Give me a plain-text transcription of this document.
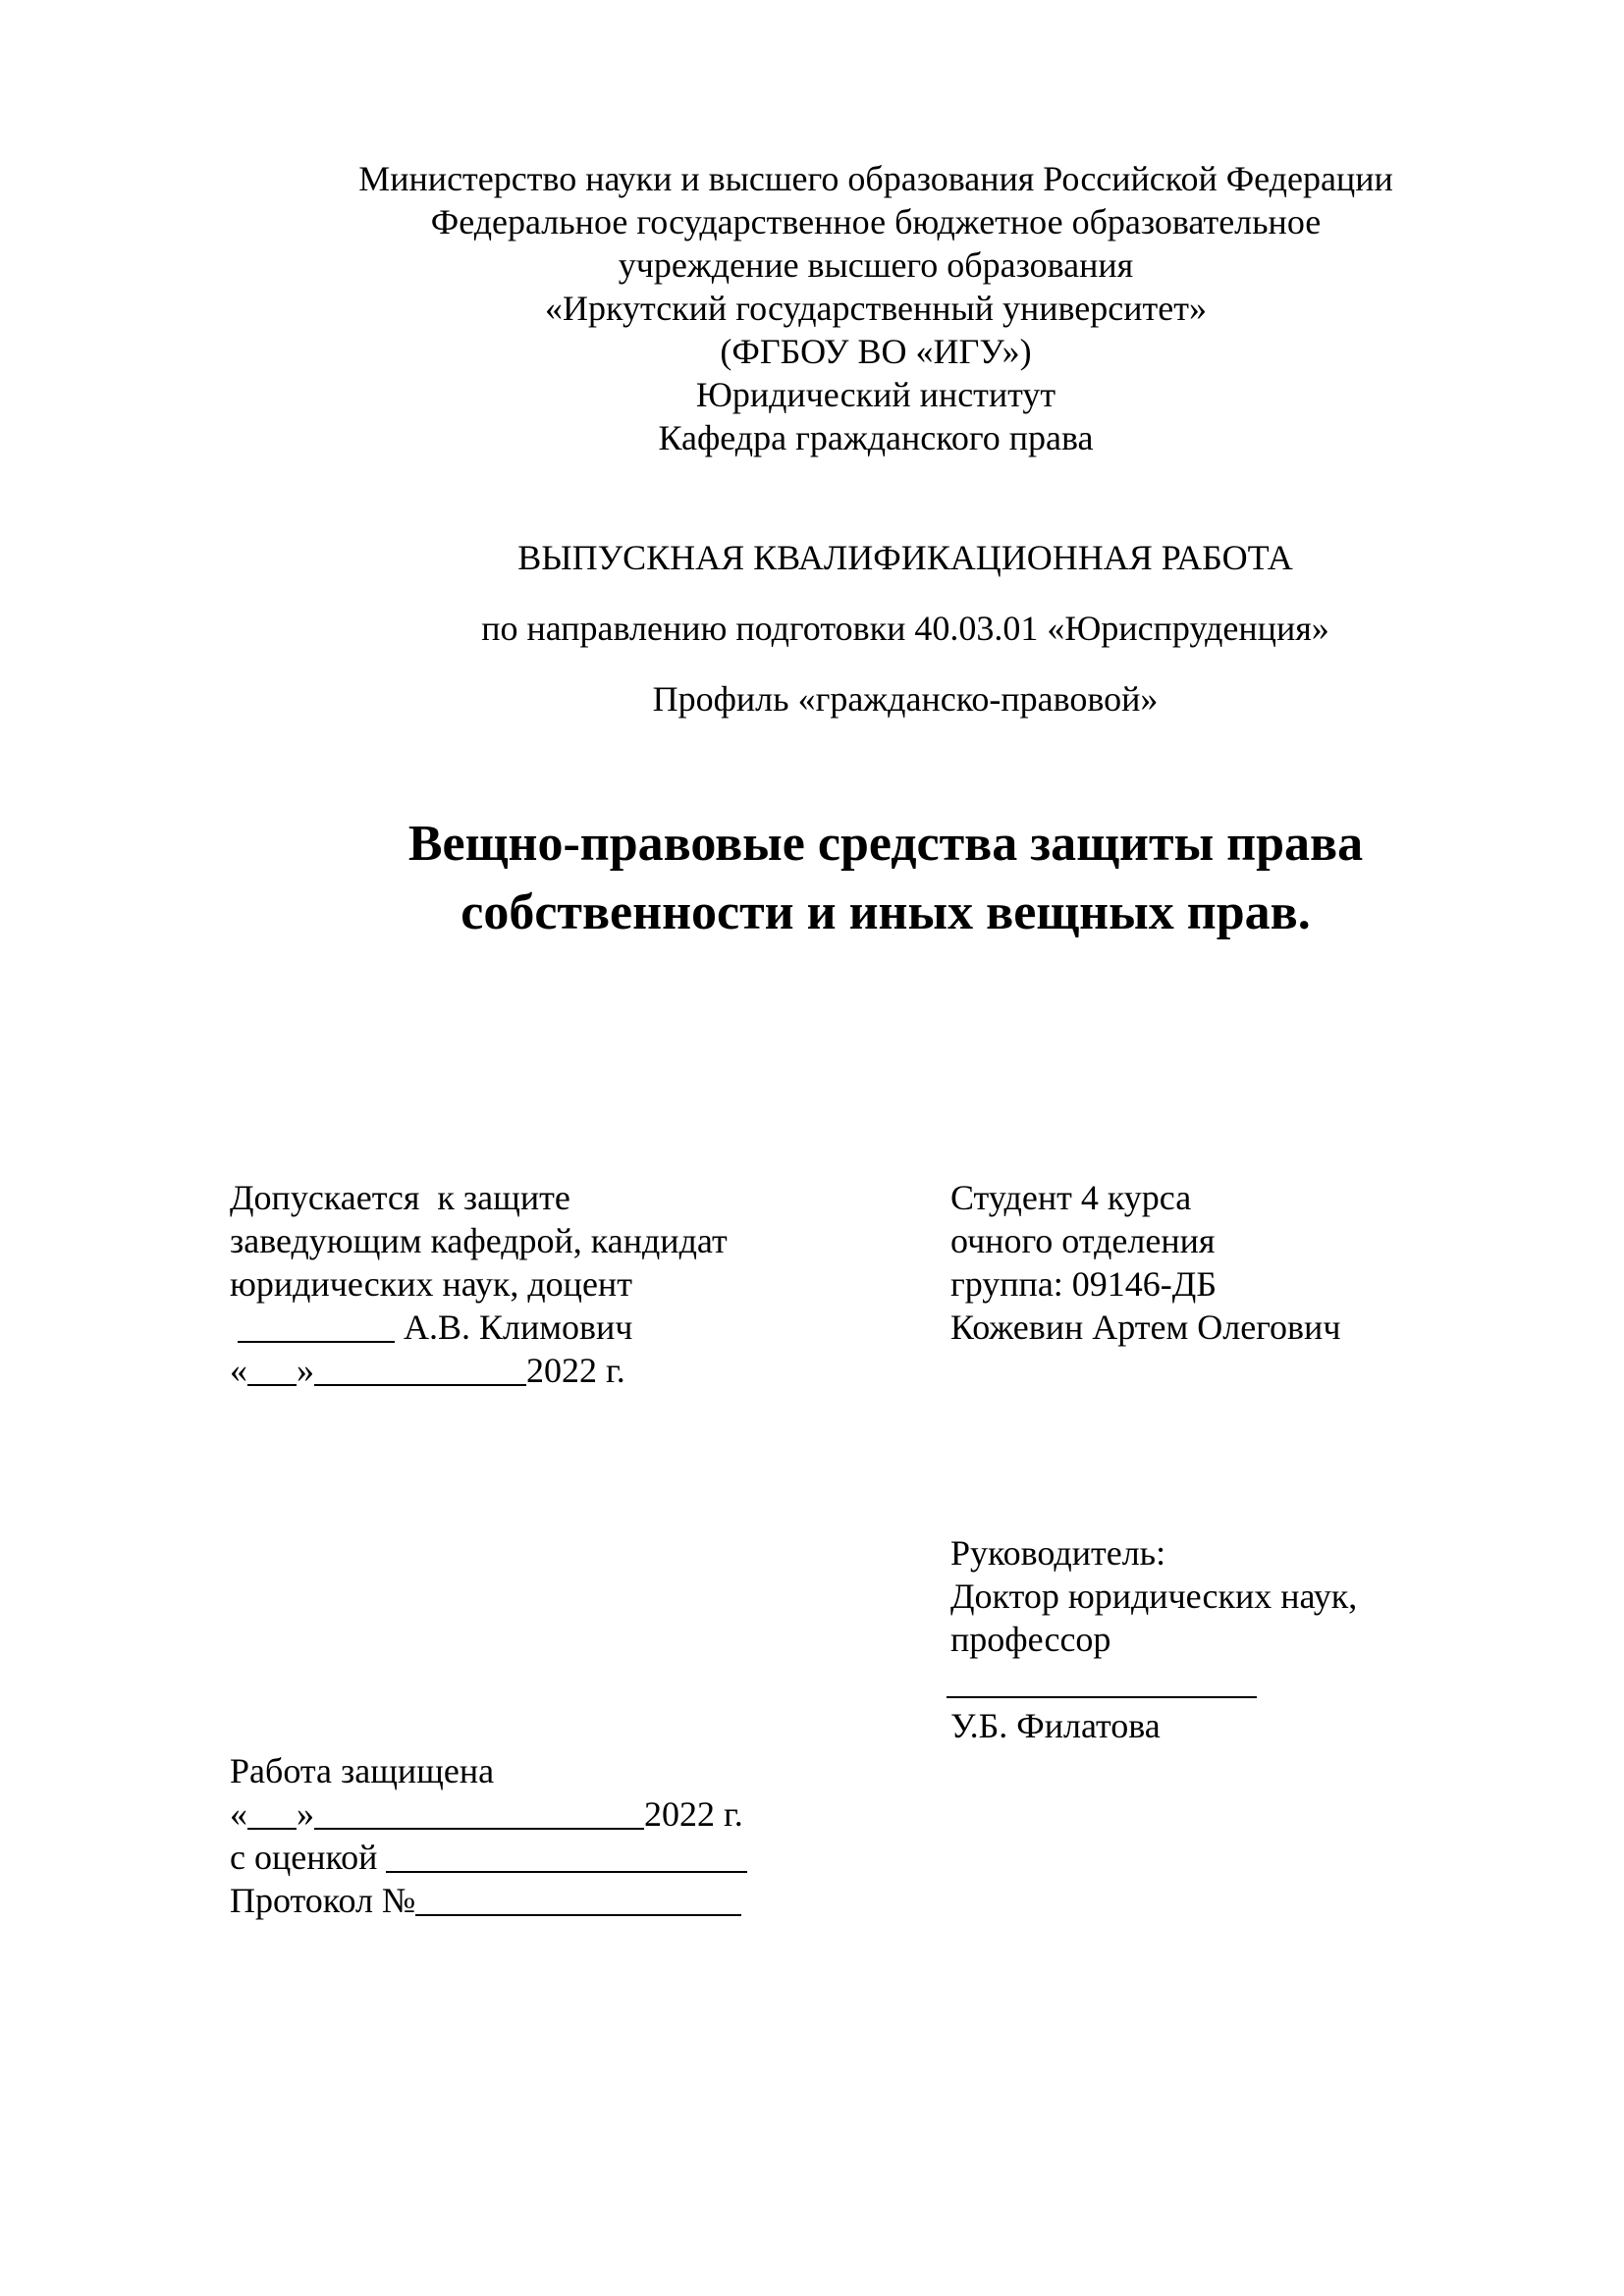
Министерство науки и высшего образования Российской Федерации
Федеральное государственное бюджетное образовательное
учреждение высшего образования
«Иркутский государственный университет»
(ФГБОУ ВО «ИГУ»)
Юридический институт
Кафедра гражданского права
ВЫПУСКНАЯ КВАЛИФИКАЦИОННАЯ РАБОТА
по направлению подготовки 40.03.01 «Юриспруденция»
Профиль «гражданско-правовой»
Вещно-правовые средства защиты права
собственности и иных вещных прав.
Допускается  к защите
заведующим кафедрой, кандидат
юридических наук, доцент
А.В. Климович
« »	2022 г.
Студент 4 курса
очного отделения
группа: 09146-ДБ
Кожевин Артем Олегович
Руководитель:
Доктор юридических наук,
профессор
У.Б. Филатова
Работа защищена
« »	2022 г.
с оценкой
Протокол №
